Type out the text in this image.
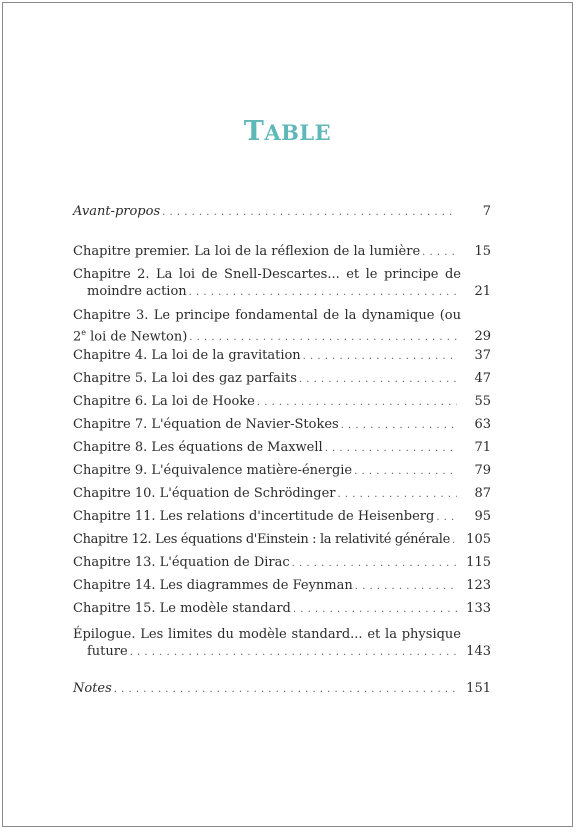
TABLE
Avant-propos . . .	7
Chapitre premier. La loi de la réflexion de la lumière . . .	15
Chapitre 2. La loi de Snell-Descartes... et le principe de
moindre action . . .	21
Chapitre 3. Le principe fondamental de la dynamique (ou
2e loi de Newton) . . .	29
Chapitre 4. La loi de la gravitation . . .	37
Chapitre 5. La loi des gaz parfaits . . .	47
Chapitre 6. La loi de Hooke . . .	55
Chapitre 7. L'équation de Navier-Stokes . . .	63
Chapitre 8. Les équations de Maxwell . . .	71
Chapitre 9. L'équivalence matière-énergie . . .	79
Chapitre 10. L'équation de Schrödinger . . .	87
Chapitre 11. Les relations d'incertitude de Heisenberg . . .	95
Chapitre 12. Les équations d'Einstein : la relativité générale . . .	105
Chapitre 13. L'équation de Dirac . . .	115
Chapitre 14. Les diagrammes de Feynman . . .	123
Chapitre 15. Le modèle standard . . .	133
Épilogue. Les limites du modèle standard... et la physique
future . . .	143
Notes . . .	151
